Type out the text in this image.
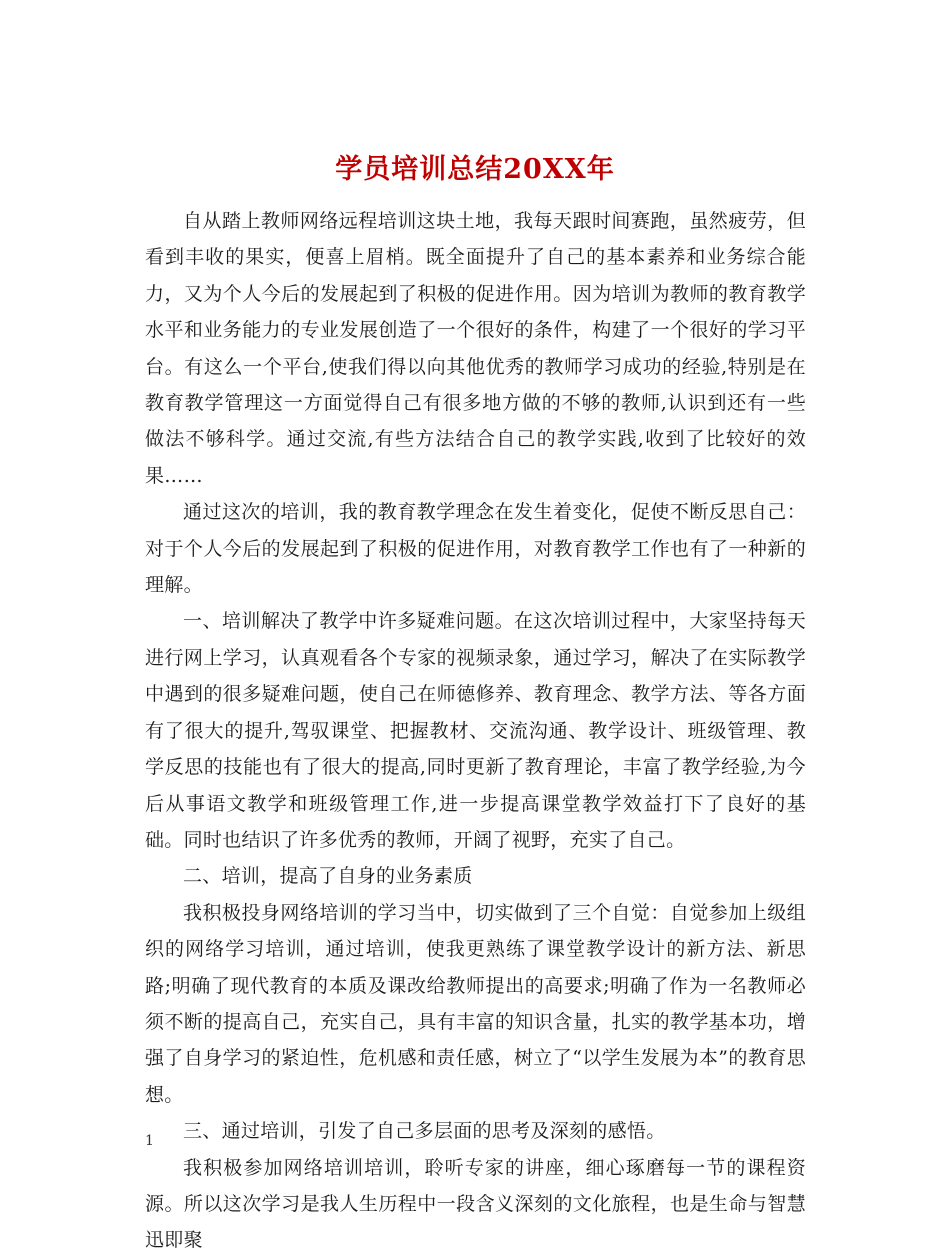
学员培训总结20XX年

自从踏上教师网络远程培训这块土地，我每天跟时间赛跑，虽然疲劳，但看到丰收的果实，便喜上眉梢。既全面提升了自己的基本素养和业务综合能力，又为个人今后的发展起到了积极的促进作用。因为培训为教师的教育教学水平和业务能力的专业发展创造了一个很好的条件，构建了一个很好的学习平台。有这么一个平台,使我们得以向其他优秀的教师学习成功的经验,特别是在教育教学管理这一方面觉得自己有很多地方做的不够的教师,认识到还有一些做法不够科学。通过交流,有些方法结合自己的教学实践,收到了比较好的效果……

通过这次的培训，我的教育教学理念在发生着变化，促使不断反思自己：对于个人今后的发展起到了积极的促进作用，对教育教学工作也有了一种新的理解。

一、培训解决了教学中许多疑难问题。在这次培训过程中，大家坚持每天进行网上学习，认真观看各个专家的视频录象，通过学习，解决了在实际教学中遇到的很多疑难问题，使自己在师德修养、教育理念、教学方法、等各方面有了很大的提升,驾驭课堂、把握教材、交流沟通、教学设计、班级管理、教学反思的技能也有了很大的提高,同时更新了教育理论，丰富了教学经验,为今后从事语文教学和班级管理工作,进一步提高课堂教学效益打下了良好的基础。同时也结识了许多优秀的教师，开阔了视野，充实了自己。

二、培训，提高了自身的业务素质

我积极投身网络培训的学习当中，切实做到了三个自觉：自觉参加上级组织的网络学习培训，通过培训，使我更熟练了课堂教学设计的新方法、新思路;明确了现代教育的本质及课改给教师提出的高要求;明确了作为一名教师必须不断的提高自己，充实自己，具有丰富的知识含量，扎实的教学基本功，增强了自身学习的紧迫性，危机感和责任感，树立了“以学生发展为本”的教育思想。

三、通过培训，引发了自己多层面的思考及深刻的感悟。

我积极参加网络培训培训，聆听专家的讲座，细心琢磨每一节的课程资源。所以这次学习是我人生历程中一段含义深刻的文化旅程，也是生命与智慧迅即聚

1
